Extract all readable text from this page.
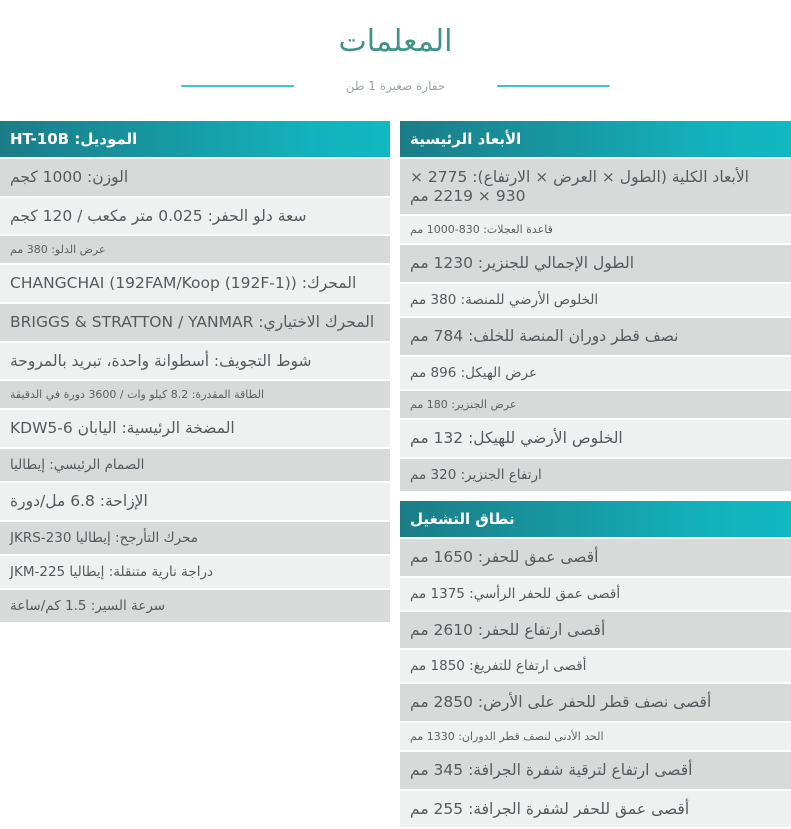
المعلمات
حفارة صغيرة 1 طن
الموديل: HT-10B
الوزن: 1000 كجم
سعة دلو الحفر: 0.025 متر مكعب / 120 كجم
عرض الدلو: 380 مم
المحرك: CHANGCHAI (192FAM/Koop (192F-1))
المحرك الاختياري: BRIGGS & STRATTON / YANMAR
شوط التجويف: أسطوانة واحدة، تبريد بالمروحة
الطاقة المقدرة: 8.2 كيلو وات / 3600 دورة في الدقيقة
المضخة الرئيسية: اليابان KDW5-6
الصمام الرئيسي: إيطاليا
الإزاحة: 6.8 مل/دورة
محرك التأرجح: إيطاليا JKRS-230
دراجة نارية متنقلة: إيطاليا JKM-225
سرعة السير: 1.5 كم/ساعة
الأبعاد الرئيسية
الأبعاد الكلية (الطول × العرض × الارتفاع): 2775 × 930 × 2219 مم
قاعدة العجلات: 830-1000 مم
الطول الإجمالي للجنزير: 1230 مم
الخلوص الأرضي للمنصة: 380 مم
نصف قطر دوران المنصة للخلف: 784 مم
عرض الهيكل: 896 مم
عرض الجنزير: 180 مم
الخلوص الأرضي للهيكل: 132 مم
ارتفاع الجنزير: 320 مم
نطاق التشغيل
أقصى عمق للحفر: 1650 مم
أقصى عمق للحفر الرأسي: 1375 مم
أقصى ارتفاع للحفر: 2610 مم
أقصى ارتفاع للتفريغ: 1850 مم
أقصى نصف قطر للحفر على الأرض: 2850 مم
الحد الأدنى لنصف قطر الدوران: 1330 مم
أقصى ارتفاع لترقية شفرة الجرافة: 345 مم
أقصى عمق للحفر لشفرة الجرافة: 255 مم
